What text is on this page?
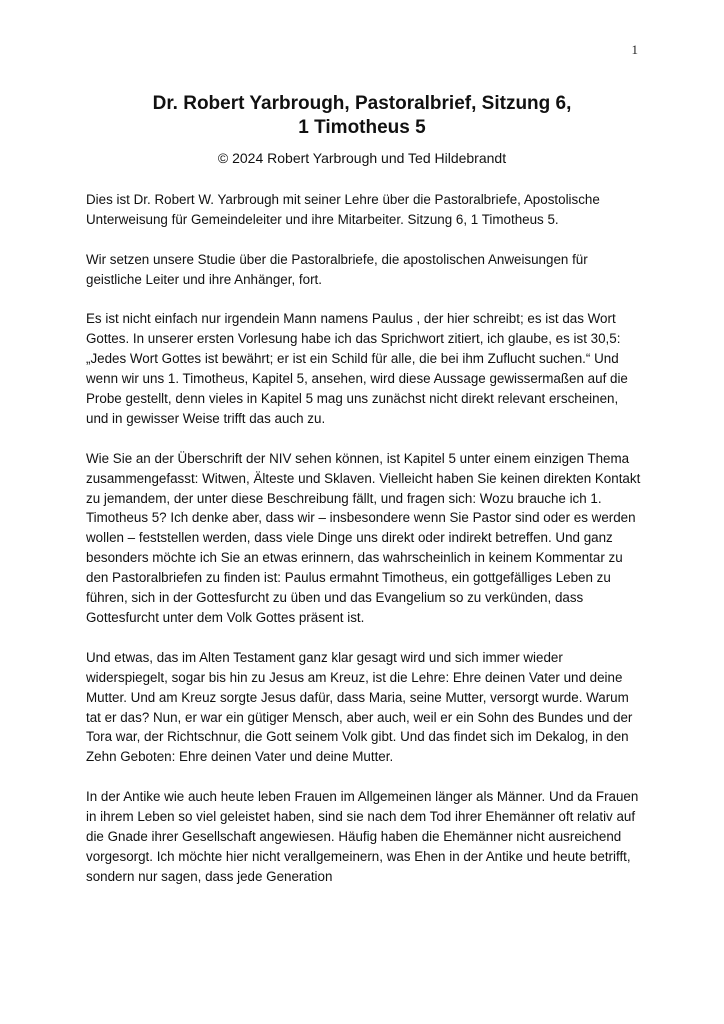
1
Dr. Robert Yarbrough, Pastoralbrief, Sitzung 6,
1 Timotheus 5
© 2024 Robert Yarbrough und Ted Hildebrandt

Dies ist Dr. Robert W. Yarbrough mit seiner Lehre über die Pastoralbriefe, Apostolische Unterweisung für Gemeindeleiter und ihre Mitarbeiter. Sitzung 6, 1 Timotheus 5.

Wir setzen unsere Studie über die Pastoralbriefe, die apostolischen Anweisungen für geistliche Leiter und ihre Anhänger, fort.

Es ist nicht einfach nur irgendein Mann namens Paulus , der hier schreibt; es ist das Wort Gottes. In unserer ersten Vorlesung habe ich das Sprichwort zitiert, ich glaube, es ist 30,5: „Jedes Wort Gottes ist bewährt; er ist ein Schild für alle, die bei ihm Zuflucht suchen.“ Und wenn wir uns 1. Timotheus, Kapitel 5, ansehen, wird diese Aussage gewissermaßen auf die Probe gestellt, denn vieles in Kapitel 5 mag uns zunächst nicht direkt relevant erscheinen, und in gewisser Weise trifft das auch zu.

Wie Sie an der Überschrift der NIV sehen können, ist Kapitel 5 unter einem einzigen Thema zusammengefasst: Witwen, Älteste und Sklaven. Vielleicht haben Sie keinen direkten Kontakt zu jemandem, der unter diese Beschreibung fällt, und fragen sich: Wozu brauche ich 1. Timotheus 5? Ich denke aber, dass wir – insbesondere wenn Sie Pastor sind oder es werden wollen – feststellen werden, dass viele Dinge uns direkt oder indirekt betreffen. Und ganz besonders möchte ich Sie an etwas erinnern, das wahrscheinlich in keinem Kommentar zu den Pastoralbriefen zu finden ist: Paulus ermahnt Timotheus, ein gottgefälliges Leben zu führen, sich in der Gottesfurcht zu üben und das Evangelium so zu verkünden, dass Gottesfurcht unter dem Volk Gottes präsent ist.

Und etwas, das im Alten Testament ganz klar gesagt wird und sich immer wieder widerspiegelt, sogar bis hin zu Jesus am Kreuz, ist die Lehre: Ehre deinen Vater und deine Mutter. Und am Kreuz sorgte Jesus dafür, dass Maria, seine Mutter, versorgt wurde. Warum tat er das? Nun, er war ein gütiger Mensch, aber auch, weil er ein Sohn des Bundes und der Tora war, der Richtschnur, die Gott seinem Volk gibt. Und das findet sich im Dekalog, in den Zehn Geboten: Ehre deinen Vater und deine Mutter.

In der Antike wie auch heute leben Frauen im Allgemeinen länger als Männer. Und da Frauen in ihrem Leben so viel geleistet haben, sind sie nach dem Tod ihrer Ehemänner oft relativ auf die Gnade ihrer Gesellschaft angewiesen. Häufig haben die Ehemänner nicht ausreichend vorgesorgt. Ich möchte hier nicht verallgemeinern, was Ehen in der Antike und heute betrifft, sondern nur sagen, dass jede Generation
